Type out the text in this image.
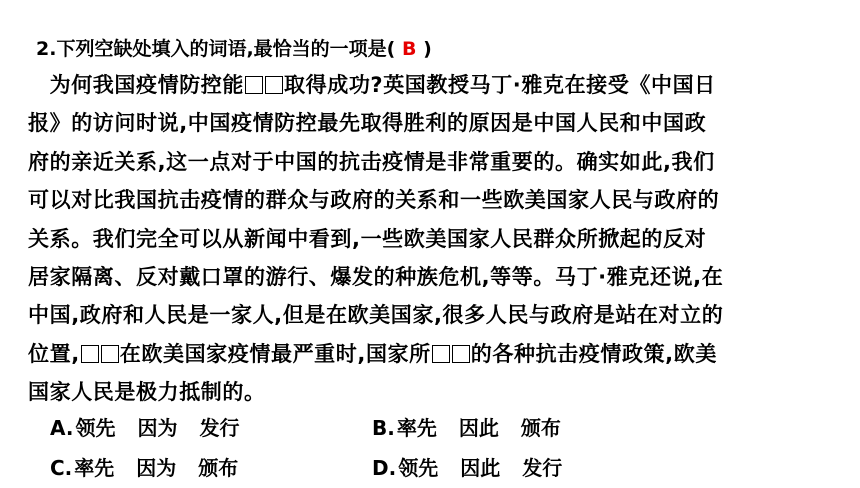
2.下列空缺处填入的词语,最恰当的一项是( B )
　为何我国疫情防控能 取得成功?英国教授马丁·雅克在接受《中国日
报》的访问时说,中国疫情防控最先取得胜利的原因是中国人民和中国政
府的亲近关系,这一点对于中国的抗击疫情是非常重要的。确实如此,我们
可以对比我国抗击疫情的群众与政府的关系和一些欧美国家人民与政府的
关系。我们完全可以从新闻中看到,一些欧美国家人民群众所掀起的反对
居家隔离、反对戴口罩的游行、爆发的种族危机,等等。马丁·雅克还说,在
中国,政府和人民是一家人,但是在欧美国家,很多人民与政府是站在对立的
位置, 在欧美国家疫情最严重时,国家所 的各种抗击疫情政策,欧美
国家人民是极力抵制的。
A. 领先 因为 发行	B. 率先 因此 颁布
C. 率先 因为 颁布	D. 领先 因此 发行
